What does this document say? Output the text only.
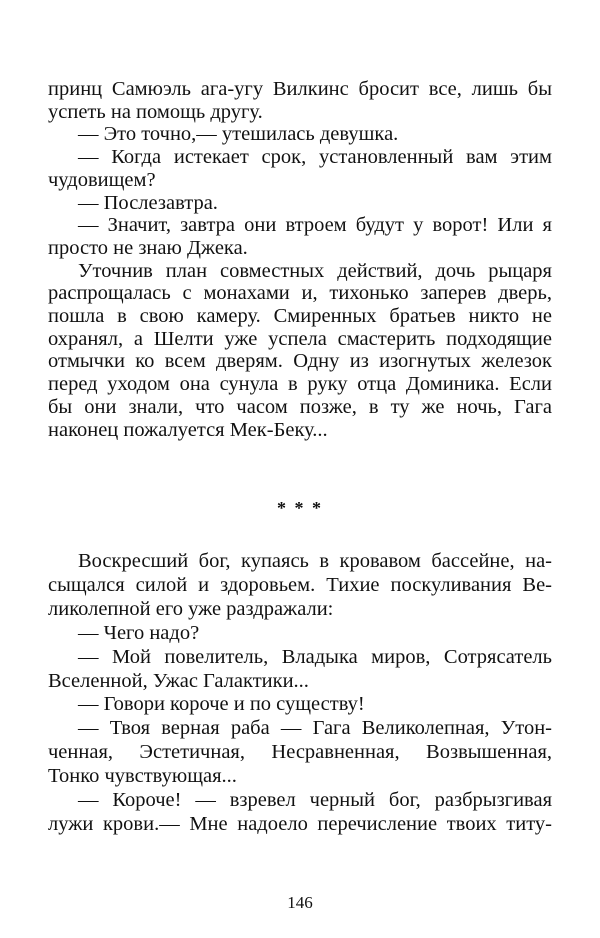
принц Самюэль ага-угу Вилкинс бросит все, лишь бы
успеть на помощь другу.
— Это точно,— утешилась девушка.
— Когда истекает срок, установленный вам этим
чудовищем?
— Послезавтра.
— Значит, завтра они втроем будут у ворот! Или я
просто не знаю Джека.
Уточнив план совместных действий, дочь рыцаря
распрощалась с монахами и, тихонько заперев дверь,
пошла в свою камеру. Смиренных братьев никто не
охранял, а Шелти уже успела смастерить подходящие
отмычки ко всем дверям. Одну из изогнутых железок
перед уходом она сунула в руку отца Доминика. Если
бы они знали, что часом позже, в ту же ночь, Гага
наконец пожалуется Мек-Беку...
* * *
Воскресший бог, купаясь в кровавом бассейне, на-
сыщался силой и здоровьем. Тихие поскуливания Ве-
ликолепной его уже раздражали:
— Чего надо?
— Мой повелитель, Владыка миров, Сотрясатель
Вселенной, Ужас Галактики...
— Говори короче и по существу!
— Твоя верная раба — Гага Великолепная, Утон-
ченная, Эстетичная, Несравненная, Возвышенная,
Тонко чувствующая...
— Короче! — взревел черный бог, разбрызгивая
лужи крови.— Мне надоело перечисление твоих титу-
146
